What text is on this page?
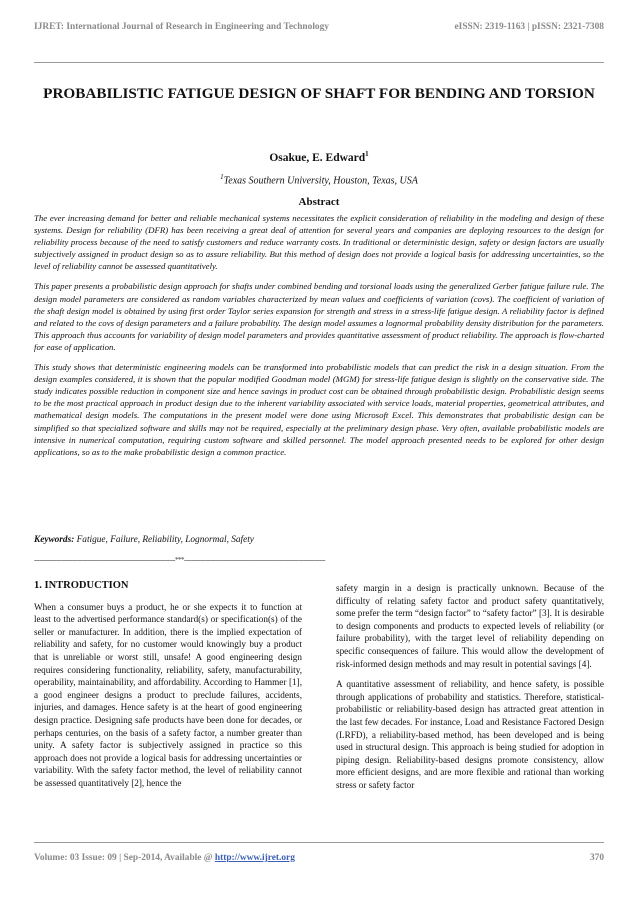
IJRET: International Journal of Research in Engineering and Technology	eISSN: 2319-1163 | pISSN: 2321-7308
PROBABILISTIC FATIGUE DESIGN OF SHAFT FOR BENDING AND TORSION
Osakue, E. Edward$^1$
$^1$Texas Southern University, Houston, Texas, USA
Abstract

The ever increasing demand for better and reliable mechanical systems necessitates the explicit consideration of reliability in the modeling and design of these systems. Design for reliability (DFR) has been receiving a great deal of attention for several years and companies are deploying resources to the design for reliability process because of the need to satisfy customers and reduce warranty costs. In traditional or deterministic design, safety or design factors are usually subjectively assigned in product design so as to assure reliability. But this method of design does not provide a logical basis for addressing uncertainties, so the level of reliability cannot be assessed quantitatively.

This paper presents a probabilistic design approach for shafts under combined bending and torsional loads using the generalized Gerber fatigue failure rule. The design model parameters are considered as random variables characterized by mean values and coefficients of variation (covs). The coefficient of variation of the shaft design model is obtained by using first order Taylor series expansion for strength and stress in a stress-life fatigue design. A reliability factor is defined and related to the covs of design parameters and a failure probability. The design model assumes a lognormal probability density distribution for the parameters. This approach thus accounts for variability of design model parameters and provides quantitative assessment of product reliability. The approach is flow-charted for ease of application.

This study shows that deterministic engineering models can be transformed into probabilistic models that can predict the risk in a design situation. From the design examples considered, it is shown that the popular modified Goodman model (MGM) for stress-life fatigue design is slightly on the conservative side. The study indicates possible reduction in component size and hence savings in product cost can be obtained through probabilistic design. Probabilistic design seems to be the most practical approach in product design due to the inherent variability associated with service loads, material properties, geometrical attributes, and mathematical design models. The computations in the present model were done using Microsoft Excel. This demonstrates that probabilistic design can be simplified so that specialized software and skills may not be required, especially at the preliminary design phase. Very often, available probabilistic models are intensive in numerical computation, requiring custom software and skilled personnel. The model approach presented needs to be explored for other design applications, so as to the make probabilistic design a common practice.

Keywords: Fatigue, Failure, Reliability, Lognormal, Safety
-----------------------------------------------------------------------------***-----------------------------------------------------------------------------
1. INTRODUCTION

When a consumer buys a product, he or she expects it to function at least to the advertised performance standard(s) or specification(s) of the seller or manufacturer. In addition, there is the implied expectation of reliability and safety, for no customer would knowingly buy a product that is unreliable or worst still, unsafe! A good engineering design requires considering functionality, reliability, safety, manufacturability, operability, maintainability, and affordability. According to Hammer [1], a good engineer designs a product to preclude failures, accidents, injuries, and damages. Hence safety is at the heart of good engineering design practice. Designing safe products have been done for decades, or perhaps centuries, on the basis of a safety factor, a number greater than unity. A safety factor is subjectively assigned in practice so this approach does not provide a logical basis for addressing uncertainties or variability. With the safety factor method, the level of reliability cannot be assessed quantitatively [2], hence the

safety margin in a design is practically unknown. Because of the difficulty of relating safety factor and product safety quantitatively, some prefer the term “design factor” to “safety factor” [3]. It is desirable to design components and products to expected levels of reliability (or failure probability), with the target level of reliability depending on specific consequences of failure. This would allow the development of risk-informed design methods and may result in potential savings [4].

A quantitative assessment of reliability, and hence safety, is possible through applications of probability and statistics. Therefore, statistical-probabilistic or reliability-based design has attracted great attention in the last few decades. For instance, Load and Resistance Factored Design (LRFD), a reliability-based method, has been developed and is being used in structural design. This approach is being studied for adoption in piping design. Reliability-based designs promote consistency, allow more efficient designs, and are more flexible and rational than working stress or safety factor

Volume: 03 Issue: 09 | Sep-2014, Available @ http://www.ijret.org	370
